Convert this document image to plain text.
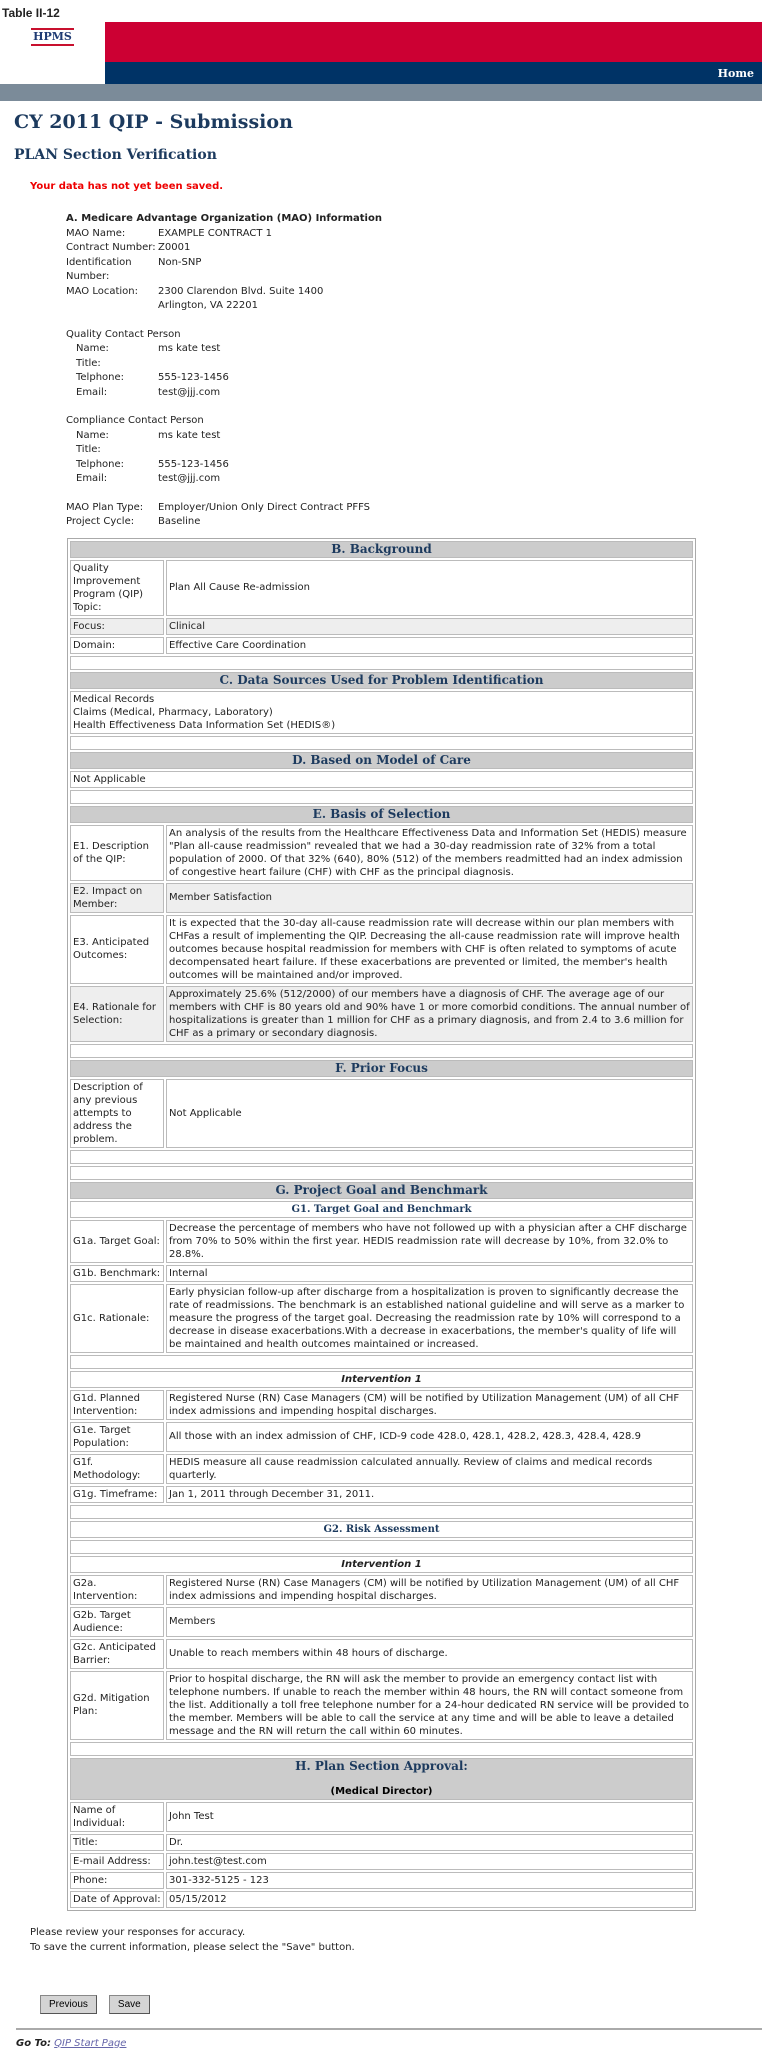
Table II-12
HPMS
Home
CY 2011 QIP - Submission
PLAN Section Verification
Your data has not yet been saved.
A. Medicare Advantage Organization (MAO) Information
MAO Name:	EXAMPLE CONTRACT 1
Contract Number: Z0001
Identification Number:
Non-SNP
MAO Location:	2300 Clarendon Blvd. Suite 1400
Arlington, VA 22201
Quality Contact Person
Name:	ms kate test
Title:
Telphone:	555-123-1456
Email:	test@jjj.com
Compliance Contact Person
Name:	ms kate test
Title:
Telphone:	555-123-1456
Email:	test@jjj.com
MAO Plan Type:	Employer/Union Only Direct Contract PFFS
Project Cycle:	Baseline
B. Background	
Quality Improvement Program (QIP) Topic:	Plan All Cause Re-admission
Focus:	Clinical
Domain:	Effective Care Coordination

C. Data Sources Used for Problem Identification	
Medical Records
Claims (Medical, Pharmacy, Laboratory)
Health Effectiveness Data Information Set (HEDIS®)	

D. Based on Model of Care	
Not Applicable	

E. Basis of Selection	
E1. Description of the QIP:	An analysis of the results from the Healthcare Effectiveness Data and Information Set (HEDIS) measure "Plan all-cause readmission" revealed that we had a 30-day readmission rate of 32% from a total population of 2000. Of that 32% (640), 80% (512) of the members readmitted had an index admission of congestive heart failure (CHF) with CHF as the principal diagnosis.
E2. Impact on Member:	Member Satisfaction
E3. Anticipated Outcomes:	It is expected that the 30-day all-cause readmission rate will decrease within our plan members with CHFas a result of implementing the QIP. Decreasing the all-cause readmission rate will improve health outcomes because hospital readmission for members with CHF is often related to symptoms of acute decompensated heart failure. If these exacerbations are prevented or limited, the member's health outcomes will be maintained and/or improved.
E4. Rationale for Selection:	Approximately 25.6% (512/2000) of our members have a diagnosis of CHF. The average age of our members with CHF is 80 years old and 90% have 1 or more comorbid conditions. The annual number of hospitalizations is greater than 1 million for CHF as a primary diagnosis, and from 2.4 to 3.6 million for CHF as a primary or secondary diagnosis.

F. Prior Focus	
Description of any previous attempts to address the problem.	Not Applicable

G. Project Goal and Benchmark	
G1. Target Goal and Benchmark	
G1a. Target Goal:	Decrease the percentage of members who have not followed up with a physician after a CHF discharge from 70% to 50% within the first year. HEDIS readmission rate will decrease by 10%, from 32.0% to 28.8%.
G1b. Benchmark:	Internal
G1c. Rationale:	Early physician follow-up after discharge from a hospitalization is proven to significantly decrease the rate of readmissions. The benchmark is an established national guideline and will serve as a marker to measure the progress of the target goal. Decreasing the readmission rate by 10% will correspond to a decrease in disease exacerbations.With a decrease in exacerbations, the member's quality of life will be maintained and health outcomes maintained or increased.

Intervention 1	
G1d. Planned Intervention:	Registered Nurse (RN) Case Managers (CM) will be notified by Utilization Management (UM) of all CHF index admissions and impending hospital discharges.
G1e. Target Population:	All those with an index admission of CHF, ICD-9 code 428.0, 428.1, 428.2, 428.3, 428.4, 428.9
G1f. Methodology:	HEDIS measure all cause readmission calculated annually. Review of claims and medical records quarterly.
G1g. Timeframe:	Jan 1, 2011 through December 31, 2011.

G2. Risk Assessment	

Intervention 1	
G2a. Intervention:	Registered Nurse (RN) Case Managers (CM) will be notified by Utilization Management (UM) of all CHF index admissions and impending hospital discharges.
G2b. Target Audience:	Members
G2c. Anticipated Barrier:	Unable to reach members within 48 hours of discharge.
G2d. Mitigation Plan:	Prior to hospital discharge, the RN will ask the member to provide an emergency contact list with telephone numbers. If unable to reach the member within 48 hours, the RN will contact someone from the list. Additionally a toll free telephone number for a 24-hour dedicated RN service will be provided to the member. Members will be able to call the service at any time and will be able to leave a detailed message and the RN will return the call within 60 minutes.

H. Plan Section Approval:
(Medical Director)	

Name of Individual:	John Test
Title:	Dr.
E-mail Address:	john.test@test.com
Phone:	301-332-5125 - 123
Date of Approval:	05/15/2012
Please review your responses for accuracy.
To save the current information, please select the "Save" button.
Previous	Save
Go To: QIP Start Page
